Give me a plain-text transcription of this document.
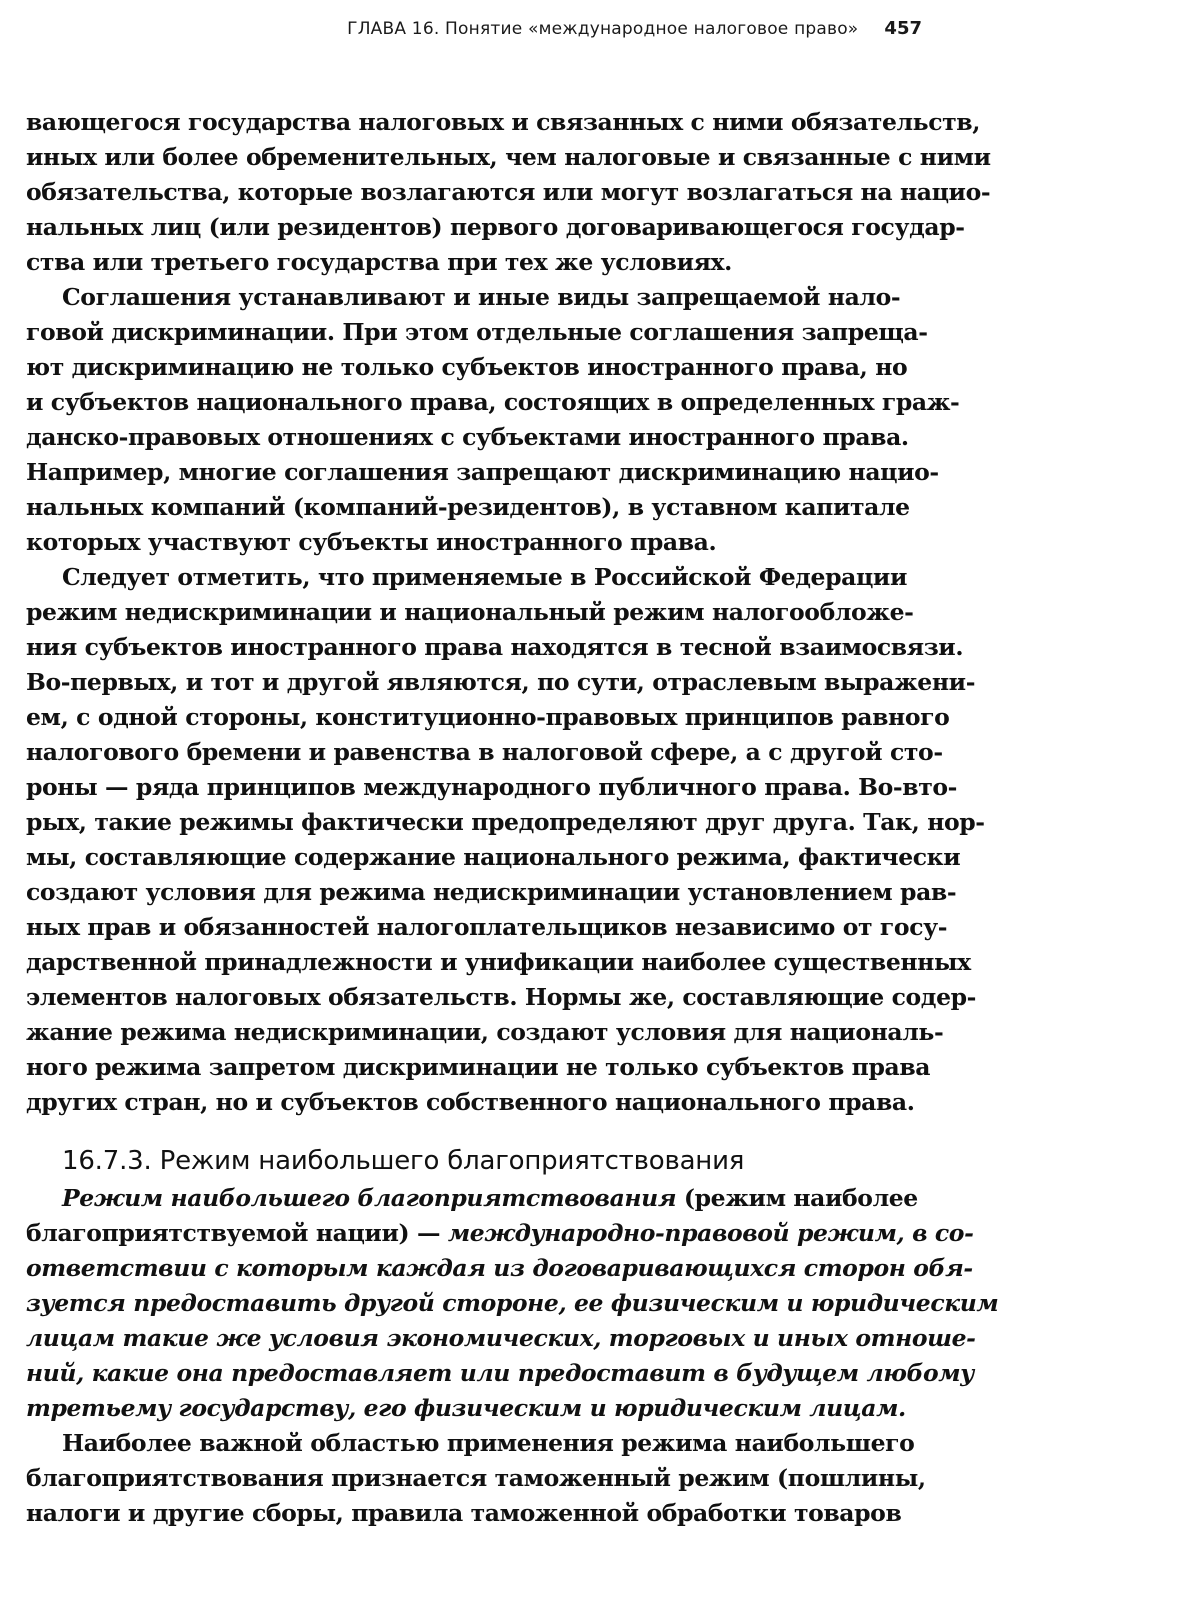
ГЛАВА 16. Понятие «международное налоговое право» 457
вающегося государства налоговых и связанных с ними обязательств,
иных или более обременительных, чем налоговые и связанные с ними
обязательства, которые возлагаются или могут возлагаться на нацио-
нальных лиц (или резидентов) первого договаривающегося государ-
ства или третьего государства при тех же условиях.
Соглашения устанавливают и иные виды запрещаемой нало-
говой дискриминации. При этом отдельные соглашения запреща-
ют дискриминацию не только субъектов иностранного права, но
и субъектов национального права, состоящих в определенных граж-
данско-правовых отношениях с субъектами иностранного права.
Например, многие соглашения запрещают дискриминацию нацио-
нальных компаний (компаний-резидентов), в уставном капитале
которых участвуют субъекты иностранного права.
Следует отметить, что применяемые в Российской Федерации
режим недискриминации и национальный режим налогообложе-
ния субъектов иностранного права находятся в тесной взаимосвязи.
Во-первых, и тот и другой являются, по сути, отраслевым выражени-
ем, с одной стороны, конституционно-правовых принципов равного
налогового бремени и равенства в налоговой сфере, а с другой сто-
роны — ряда принципов международного публичного права. Во-вто-
рых, такие режимы фактически предопределяют друг друга. Так, нор-
мы, составляющие содержание национального режима, фактически
создают условия для режима недискриминации установлением рав-
ных прав и обязанностей налогоплательщиков независимо от госу-
дарственной принадлежности и унификации наиболее существенных
элементов налоговых обязательств. Нормы же, составляющие содер-
жание режима недискриминации, создают условия для националь-
ного режима запретом дискриминации не только субъектов права
других стран, но и субъектов собственного национального права.
16.7.3. Режим наибольшего благоприятствования
Режим наибольшего благоприятствования (режим наиболее
благоприятствуемой нации) — международно-правовой режим, в со-
ответствии с которым каждая из договаривающихся сторон обя-
зуется предоставить другой стороне, ее физическим и юридическим
лицам такие же условия экономических, торговых и иных отноше-
ний, какие она предоставляет или предоставит в будущем любому
третьему государству, его физическим и юридическим лицам.
Наиболее важной областью применения режима наибольшего
благоприятствования признается таможенный режим (пошлины,
налоги и другие сборы, правила таможенной обработки товаров
